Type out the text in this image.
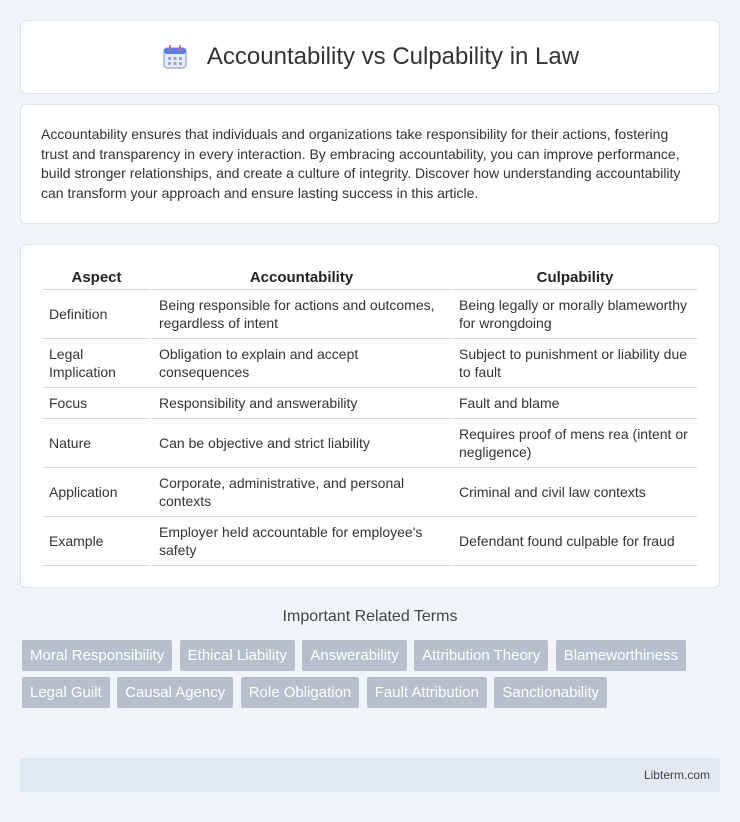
Accountability vs Culpability in Law

Accountability ensures that individuals and organizations take responsibility for their actions, fostering trust and transparency in every interaction. By embracing accountability, you can improve performance, build stronger relationships, and create a culture of integrity. Discover how understanding accountability can transform your approach and ensure lasting success in this article.

Aspect	Accountability	Culpability
Definition	Being responsible for actions and outcomes, regardless of intent	Being legally or morally blameworthy for wrongdoing
Legal Implication	Obligation to explain and accept consequences	Subject to punishment or liability due to fault
Focus	Responsibility and answerability	Fault and blame
Nature	Can be objective and strict liability	Requires proof of mens rea (intent or negligence)
Application	Corporate, administrative, and personal contexts	Criminal and civil law contexts
Example	Employer held accountable for employee's safety	Defendant found culpable for fraud
Important Related Terms
Moral Responsibility Ethical Liability Answerability Attribution Theory Blameworthiness Legal Guilt Causal Agency Role Obligation Fault Attribution Sanctionability
Libterm.com
